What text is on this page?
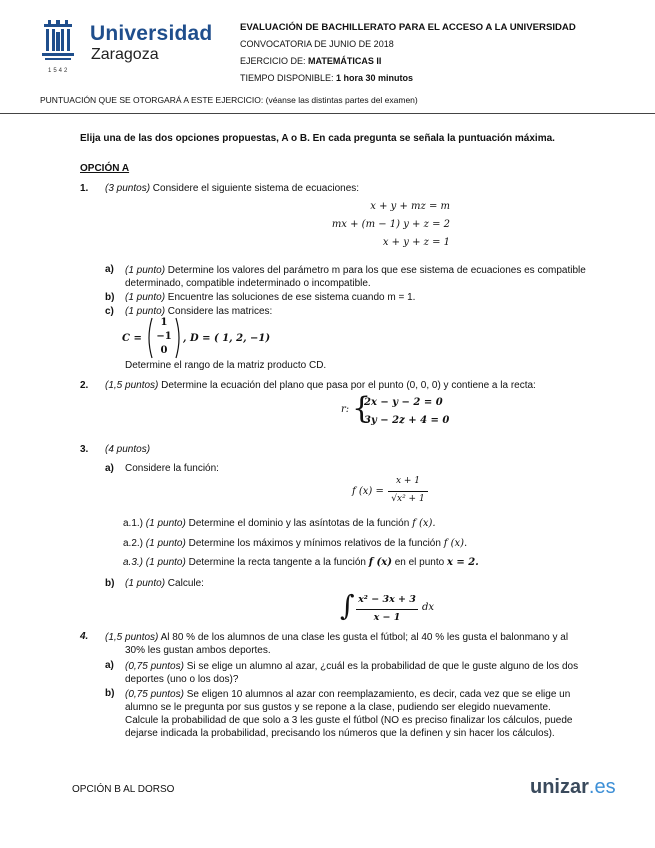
1542
Universidad
Zaragoza
EVALUACIÓN DE BACHILLERATO PARA EL ACCESO A LA UNIVERSIDAD
CONVOCATORIA DE JUNIO DE 2018
EJERCICIO DE: MATEMÁTICAS II
TIEMPO DISPONIBLE: 1 hora 30 minutos
PUNTUACIÓN QUE SE OTORGARÁ A ESTE EJERCICIO: (véanse las distintas partes del examen)
Elija una de las dos opciones propuestas, A o B. En cada pregunta se señala la puntuación máxima.
OPCIÓN A
1. (3 puntos) Considere el siguiente sistema de ecuaciones:
x + y + mz = m
mx + (m − 1) y + z = 2
x + y + z = 1
a) (1 punto) Determine los valores del parámetro m para los que ese sistema de ecuaciones es compatible
determinado, compatible indeterminado o incompatible.
b) (1 punto) Encuentre las soluciones de ese sistema cuando m = 1.
c) (1 punto) Considere las matrices:
C =
1
−1
0
, D = ( 1, 2, −1)
Determine el rango de la matriz producto CD.
2. (1,5 puntos) Determine la ecuación del plano que pasa por el punto (0, 0, 0) y contiene a la recta:
r: {
2x − y − 2 = 0
3y − 2z + 4 = 0
3. (4 puntos)
a) Considere la función:
f (x) =
x + 1
√x² + 1
a.1.) (1 punto) Determine el dominio y las asíntotas de la función f (x).
a.2.) (1 punto) Determine los máximos y mínimos relativos de la función f (x).
a.3.) (1 punto) Determine la recta tangente a la función f (x) en el punto x = 2.
b) (1 punto) Calcule:
∫ x² − 3x + 3
x − 1
dx
4. (1,5 puntos) Al 80 % de los alumnos de una clase les gusta el fútbol; al 40 % les gusta el balonmano y al
30% les gustan ambos deportes.
a) (0,75 puntos) Si se elige un alumno al azar, ¿cuál es la probabilidad de que le guste alguno de los dos
deportes (uno o los dos)?
b) (0,75 puntos) Se eligen 10 alumnos al azar con reemplazamiento, es decir, cada vez que se elige un
alumno se le pregunta por sus gustos y se repone a la clase, pudiendo ser elegido nuevamente.
Calcule la probabilidad de que solo a 3 les guste el fútbol (NO es preciso finalizar los cálculos, puede
dejarse indicada la probabilidad, precisando los números que la definen y sin hacer los cálculos).
OPCIÓN B AL DORSO	unizar.es
